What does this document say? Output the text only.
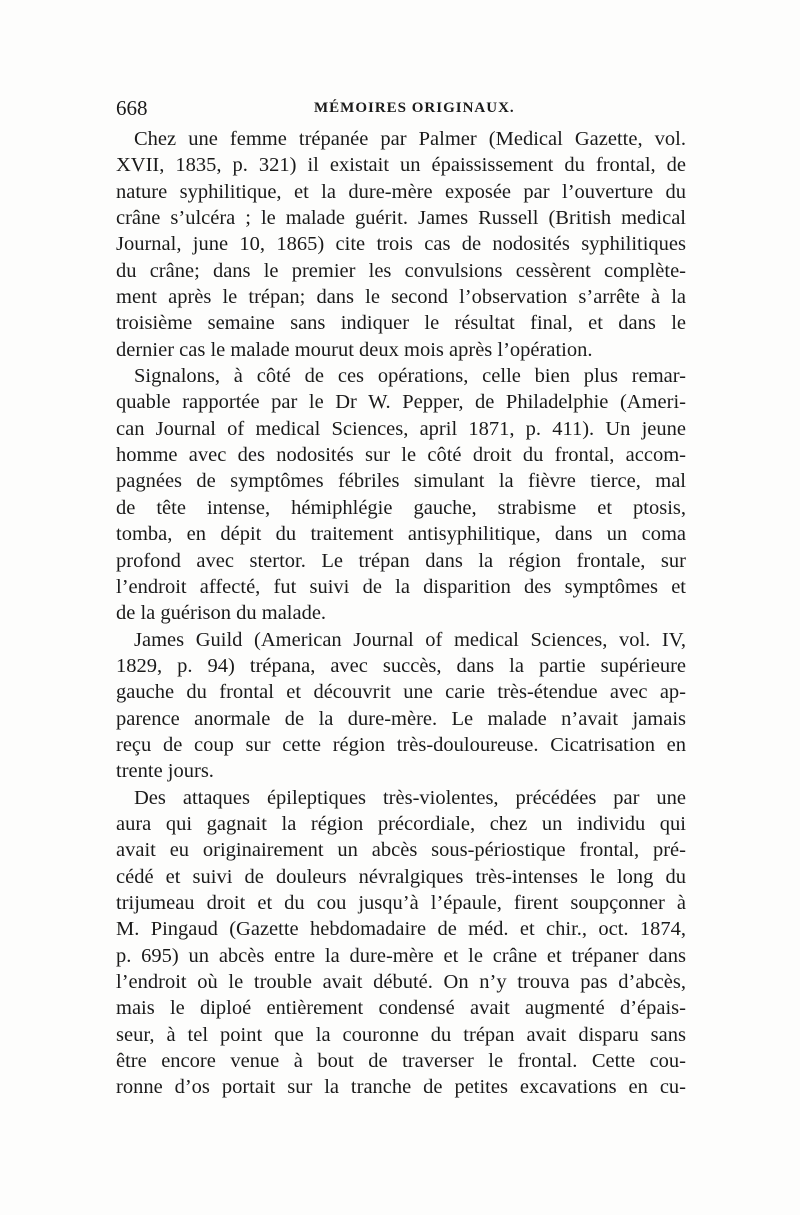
668	MÉMOIRES ORIGINAUX.
Chez une femme trépanée par Palmer (Medical Gazette, vol.
XVII, 1835, p. 321) il existait un épaississement du frontal, de
nature syphilitique, et la dure-mère exposée par l’ouverture du
crâne s’ulcéra ; le malade guérit. James Russell (British medical
Journal, june 10, 1865) cite trois cas de nodosités syphilitiques
du crâne; dans le premier les convulsions cessèrent complète-
ment après le trépan; dans le second l’observation s’arrête à la
troisième semaine sans indiquer le résultat final, et dans le
dernier cas le malade mourut deux mois après l’opération.
Signalons, à côté de ces opérations, celle bien plus remar-
quable rapportée par le Dr W. Pepper, de Philadelphie (Ameri-
can Journal of medical Sciences, april 1871, p. 411). Un jeune
homme avec des nodosités sur le côté droit du frontal, accom-
pagnées de symptômes fébriles simulant la fièvre tierce, mal
de tête intense, hémiphlégie gauche, strabisme et ptosis,
tomba, en dépit du traitement antisyphilitique, dans un coma
profond avec stertor. Le trépan dans la région frontale, sur
l’endroit affecté, fut suivi de la disparition des symptômes et
de la guérison du malade.
James Guild (American Journal of medical Sciences, vol. IV,
1829, p. 94) trépana, avec succès, dans la partie supérieure
gauche du frontal et découvrit une carie très-étendue avec ap-
parence anormale de la dure-mère. Le malade n’avait jamais
reçu de coup sur cette région très-douloureuse. Cicatrisation en
trente jours.
Des attaques épileptiques très-violentes, précédées par une
aura qui gagnait la région précordiale, chez un individu qui
avait eu originairement un abcès sous-périostique frontal, pré-
cédé et suivi de douleurs névralgiques très-intenses le long du
trijumeau droit et du cou jusqu’à l’épaule, firent soupçonner à
M. Pingaud (Gazette hebdomadaire de méd. et chir., oct. 1874,
p. 695) un abcès entre la dure-mère et le crâne et trépaner dans
l’endroit où le trouble avait débuté. On n’y trouva pas d’abcès,
mais le diploé entièrement condensé avait augmenté d’épais-
seur, à tel point que la couronne du trépan avait disparu sans
être encore venue à bout de traverser le frontal. Cette cou-
ronne d’os portait sur la tranche de petites excavations en cu-
